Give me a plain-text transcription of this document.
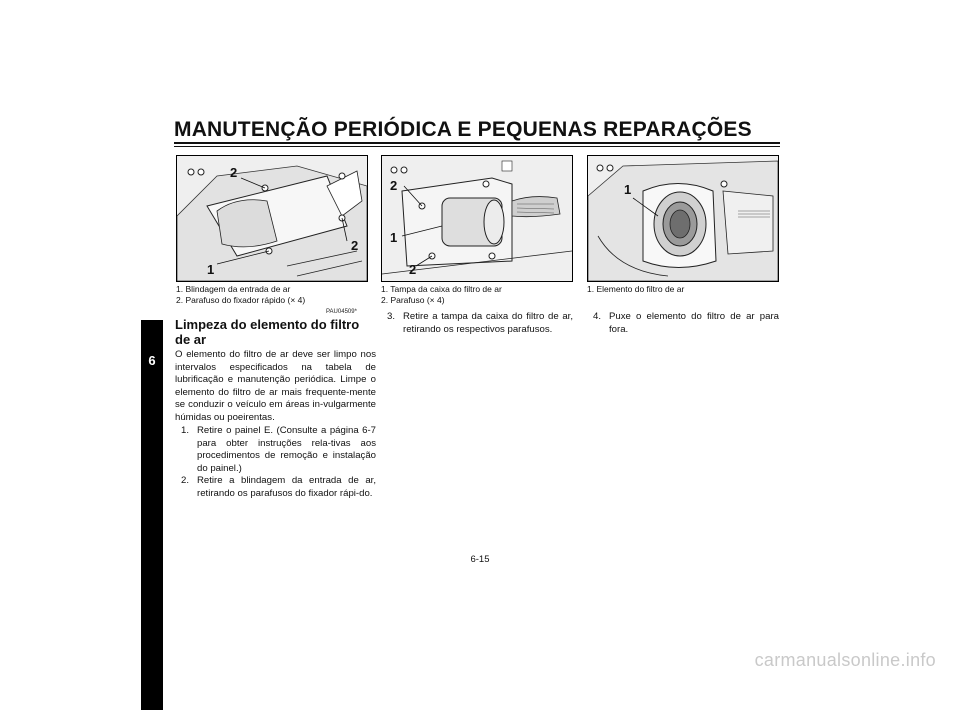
MANUTENÇÃO PERIÓDICA E PEQUENAS REPARAÇÕES
6
2
2
1
2
1
2
1
1. Blindagem da entrada de ar
2. Parafuso do fixador rápido (× 4)
1. Tampa da caixa do filtro de ar
2. Parafuso (× 4)
1. Elemento do filtro de ar
PAU04509*
Limpeza do elemento do filtro de ar
O elemento do filtro de ar deve ser limpo nos intervalos especificados na tabela de lubrificação e manutenção periódica. Limpe o elemento do filtro de ar mais frequente-mente se conduzir o veículo em áreas in-vulgarmente húmidas ou poeirentas.
1. Retire o painel E. (Consulte a página 6-7 para obter instruções rela-tivas aos procedimentos de remoção e instalação do painel.)
2. Retire a blindagem da entrada de ar, retirando os parafusos do fixador rápi-do.
3. Retire a tampa da caixa do filtro de ar, retirando os respectivos parafusos.
4. Puxe o elemento do filtro de ar para fora.
6-15
carmanualsonline.info
